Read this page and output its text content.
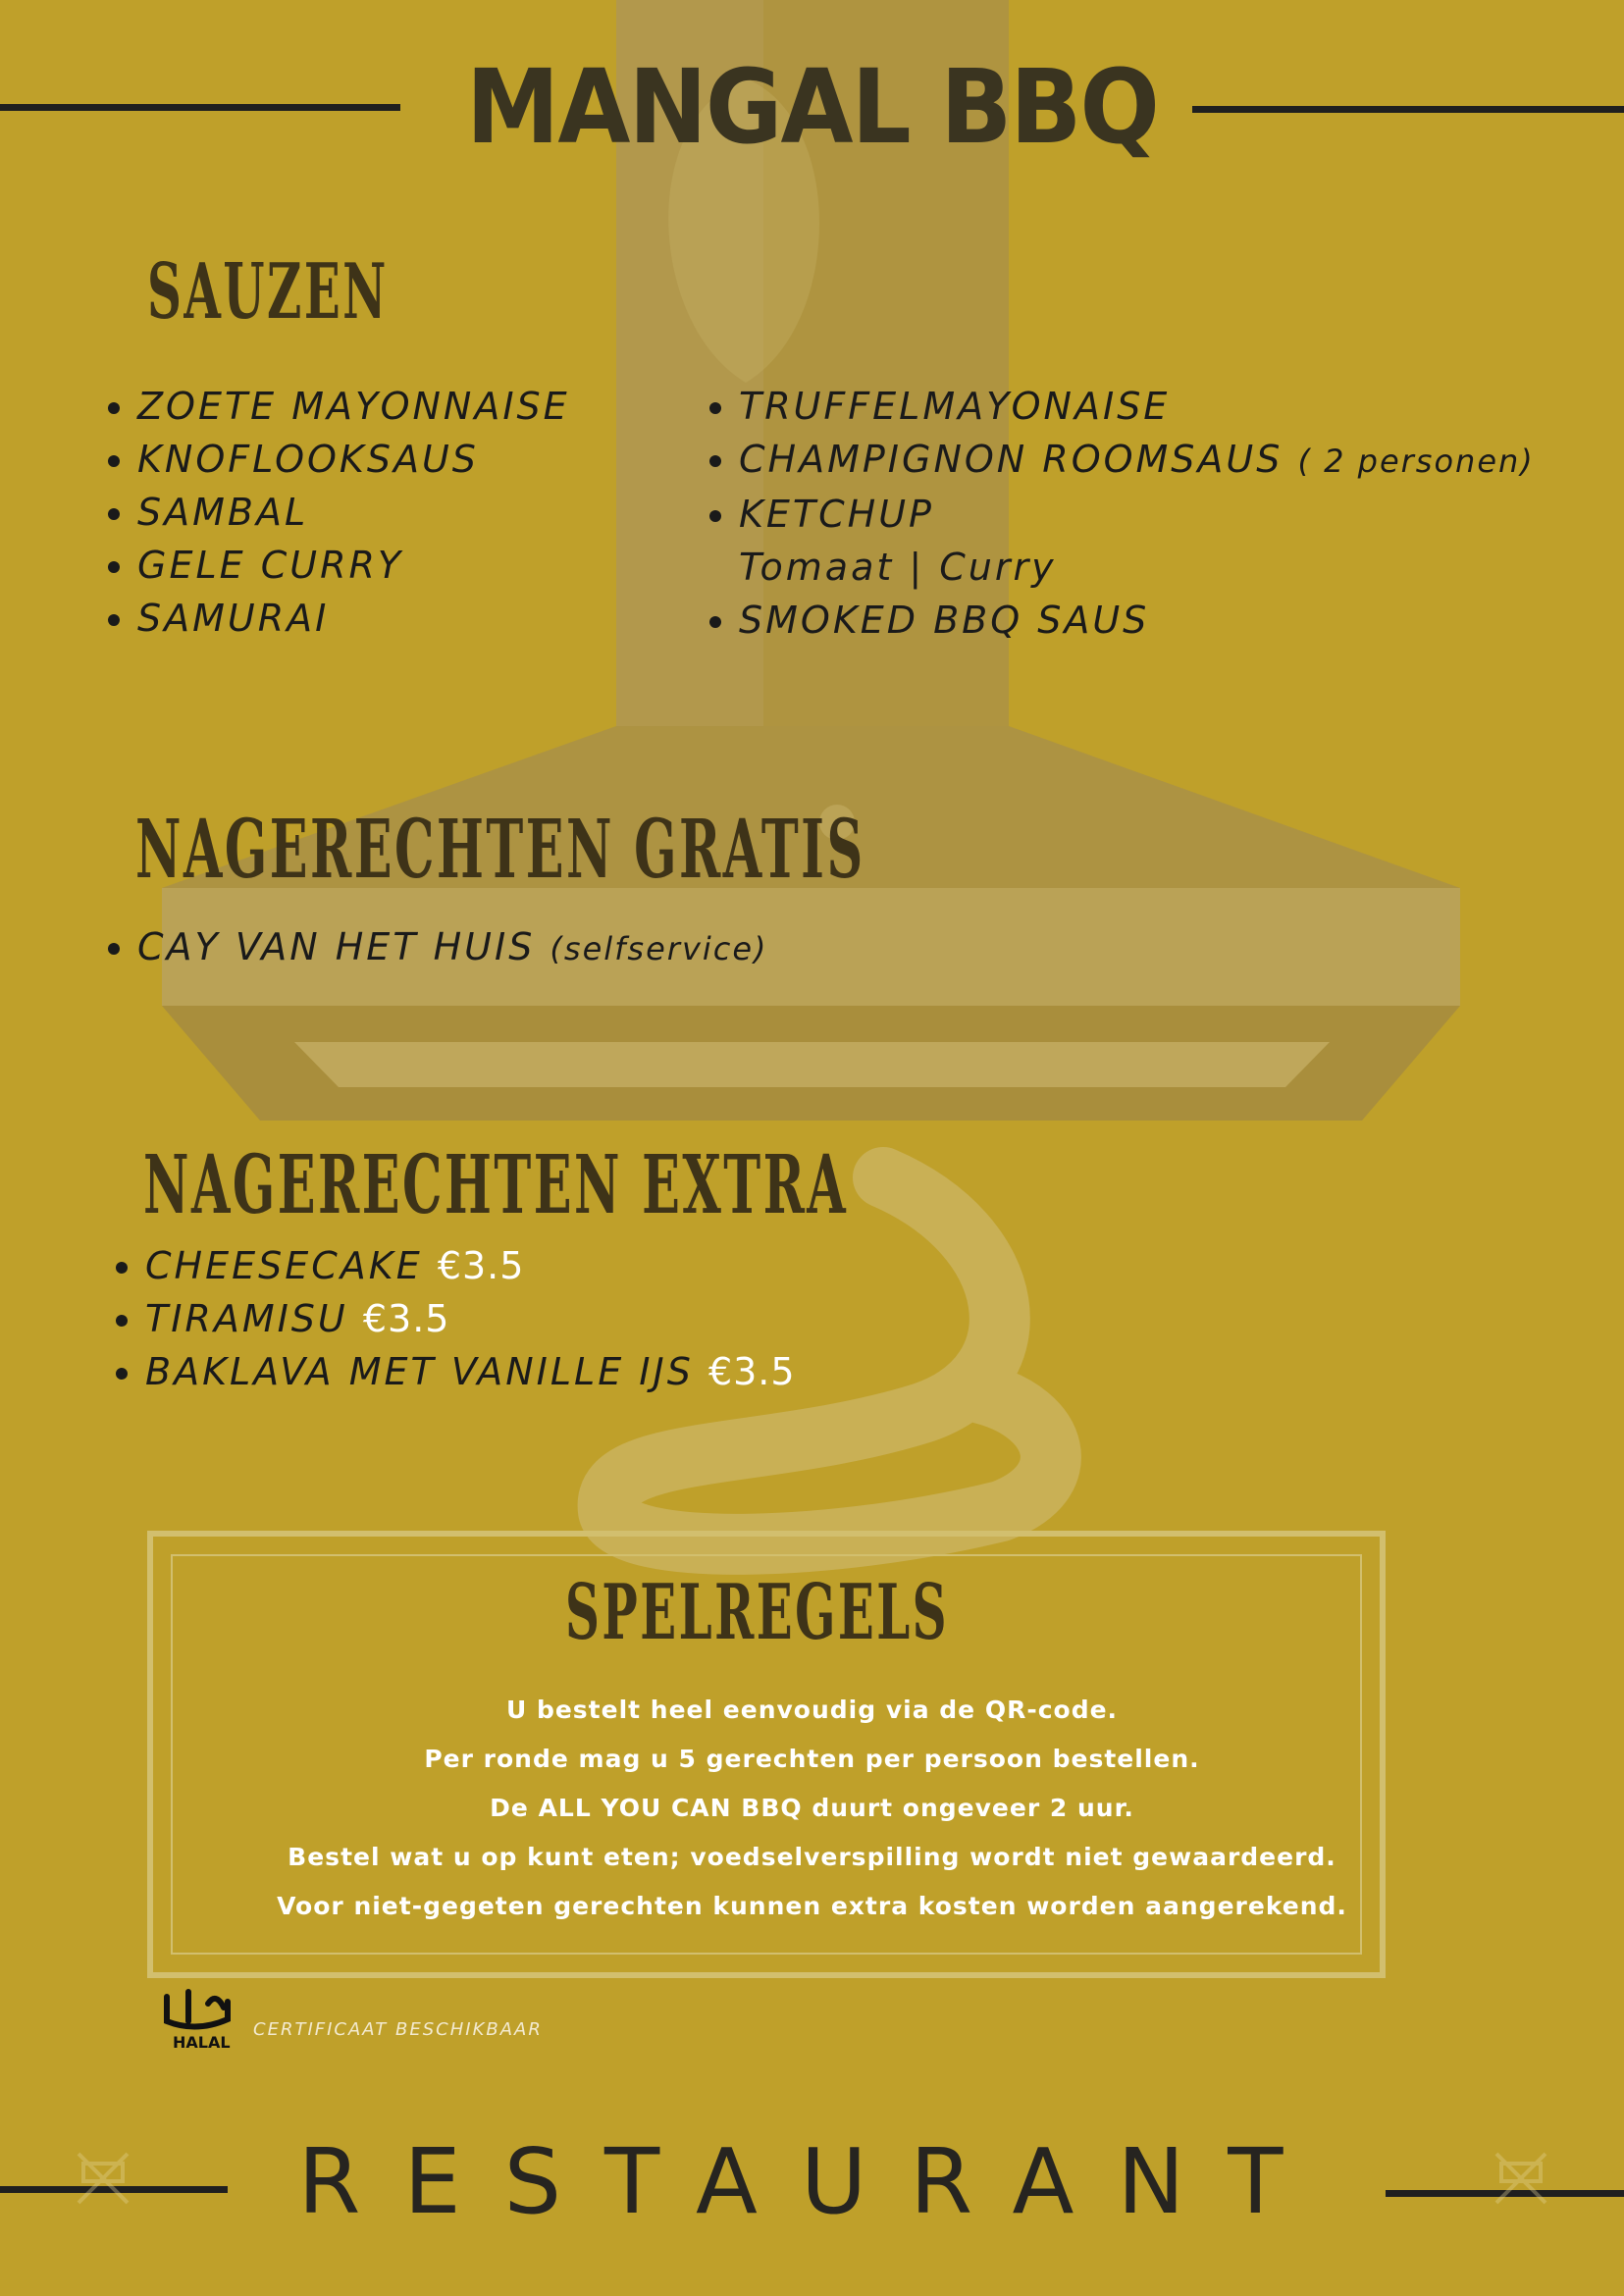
MANGAL BBQ
SAUZEN
• ZOETE MAYONNAISE
• KNOFLOOKSAUS
• SAMBAL
• GELE CURRY
• SAMURAI
• TRUFFELMAYONAISE
• CHAMPIGNON ROOMSAUS ( 2 personen)
• KETCHUP
Tomaat | Curry
• SMOKED BBQ SAUS
NAGERECHTEN GRATIS
• CAY VAN HET HUIS (selfservice)
NAGERECHTEN EXTRA
• CHEESECAKE €3.5
• TIRAMISU €3.5
• BAKLAVA MET VANILLE IJS €3.5
SPELREGELS

U bestelt heel eenvoudig via de QR-code.

Per ronde mag u 5 gerechten per persoon bestellen.

De ALL YOU CAN BBQ duurt ongeveer 2 uur.

Bestel wat u op kunt eten; voedselverspilling wordt niet gewaardeerd.

Voor niet-gegeten gerechten kunnen extra kosten worden aangerekend.

HALAL
CERTIFICAAT BESCHIKBAAR

RESTAURANT
